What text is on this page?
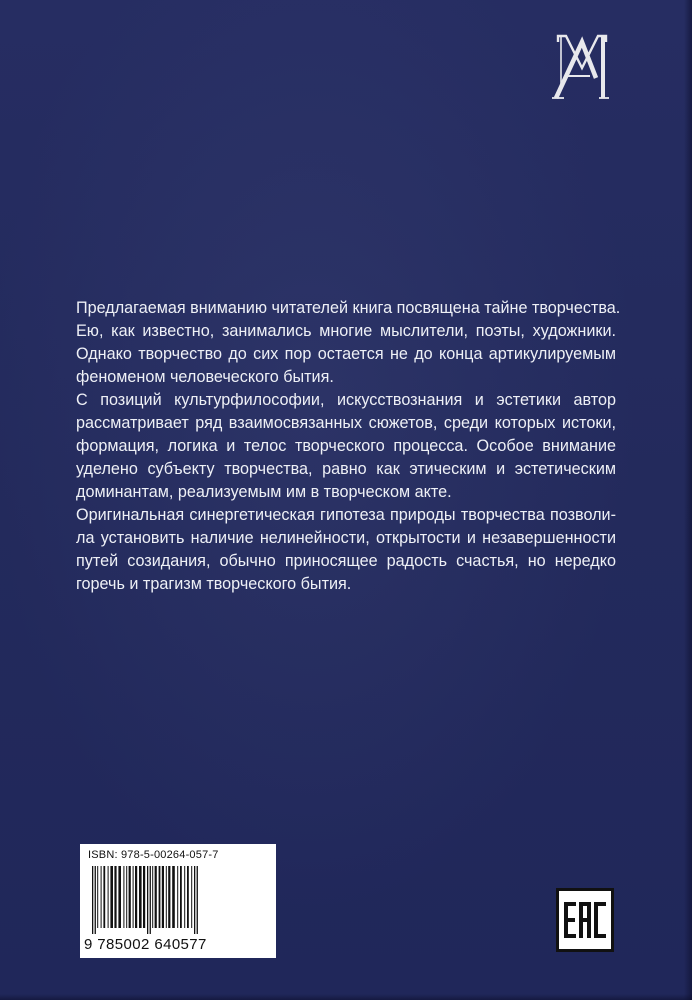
Предлагаемая вниманию читателей книга посвящена тайне творчества.
Ею, как известно, занимались многие мыслители, поэты, художники.
Однако творчество до сих пор остается не до конца артикулируемым
феноменом человеческого бытия.
С позиций культурфилософии, искусствознания и эстетики автор
рассматривает ряд взаимосвязанных сюжетов, среди которых истоки,
формация, логика и телос творческого процесса. Особое внимание
уделено субъекту творчества, равно как этическим и эстетическим
доминантам, реализуемым им в творческом акте.
Оригинальная синергетическая гипотеза природы творчества позволи-
ла установить наличие нелинейности, открытости и незавершенности
путей созидания, обычно приносящее радость счастья, но нередко
горечь и трагизм творческого бытия.
ISBN: 978-5-00264-057-7
9 785002 640577
